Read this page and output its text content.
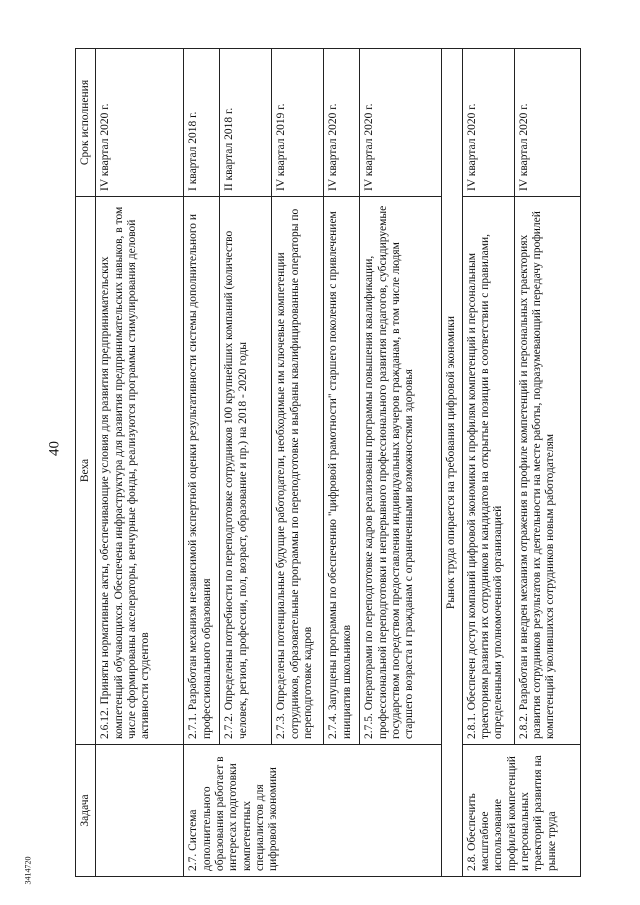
40
3414720
Задача	Веха	Срок исполнения
	2.6.12. Приняты нормативные акты, обеспечивающие условия для развития предпринимательских компетенций обучающихся. Обеспечена инфраструктура для развития предпринимательских навыков, в том числе сформированы акселераторы, венчурные фонды, реализуются программы стимулирования деловой активности студентов	IV квартал 2020 г.
2.7. Система дополнительного образования работает в интересах подготовки компетентных специалистов для цифровой экономики	2.7.1. Разработан механизм независимой экспертной оценки результативности системы дополнительного и профессионального образования	I квартал 2018 г.
	2.7.2. Определены потребности по переподготовке сотрудников 100 крупнейших компаний (количество человек, регион, профессии, пол, возраст, образование и пр.) на 2018 - 2020 годы	II квартал 2018 г.
	2.7.3. Определены потенциальные будущие работодатели, необходимые им ключевые компетенции сотрудников, образовательные программы по переподготовке и выбраны квалифицированные операторы по переподготовке кадров	IV квартал 2019 г.
	2.7.4. Запущены программы по обеспечению "цифровой грамотности" старшего поколения с привлечением инициатив школьников	IV квартал 2020 г.
	2.7.5. Операторами по переподготовке кадров реализованы программы повышения квалификации, профессиональной переподготовки и непрерывного профессионального развития педагогов, субсидируемые государством посредством предоставления индивидуальных ваучеров гражданам, в том числе людям старшего возраста и гражданам с ограниченными возможностями здоровья	IV квартал 2020 г.
Рынок труда опирается на требования цифровой экономики		
2.8. Обеспечить масштабное использование профилей компетенций и персональных траекторий развития на рынке труда	2.8.1. Обеспечен доступ компаний цифровой экономики к профилям компетенций и персональным траекториям развития их сотрудников и кандидатов на открытые позиции в соответствии с правилами, определенными уполномоченной организацией	IV квартал 2020 г.
	2.8.2. Разработан и внедрен механизм отражения в профиле компетенций и персональных траекториях развития сотрудников результатов их деятельности на месте работы, подразумевающий передачу профилей компетенций уволившихся сотрудников новым работодателям	IV квартал 2020 г.
